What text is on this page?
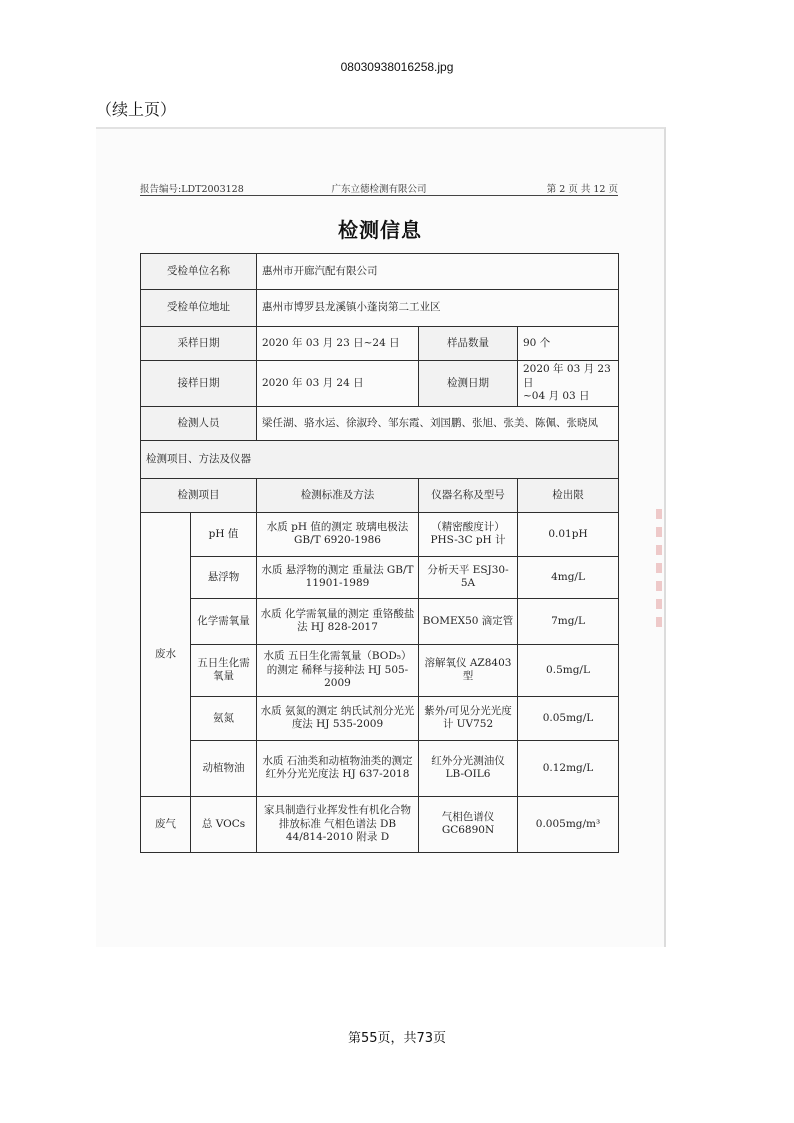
08030938016258.jpg
（续上页）
报告编号:LDT2003128	广东立德检测有限公司	第 2 页 共 12 页
检测信息
受检单位名称		惠州市开廊汽配有限公司		
受检单位地址		惠州市博罗县龙溪镇小蓬岗第二工业区		
采样日期		2020 年 03 月 23 日~24 日	样品数量	90 个
接样日期		2020 年 03 月 24 日	检测日期	2020 年 03 月 23 日
~04 月 03 日
检测人员		梁任湖、骆水运、徐淑玲、邹东霞、刘国鹏、张旭、张美、陈佩、张晓凤		
检测项目、方法及仪器				
检测项目		检测标准及方法	仪器名称及型号	检出限
废水	pH 值	水质 pH 值的测定 玻璃电极法 GB/T 6920-1986	（精密酸度计）PHS-3C pH 计	0.01pH
	悬浮物	水质 悬浮物的测定 重量法 GB/T 11901-1989	分析天平 ESJ30-5A	4mg/L
	化学需氧量	水质 化学需氧量的测定 重铬酸盐法 HJ 828-2017	BOMEX50 滴定管	7mg/L
	五日生化需氧量	水质 五日生化需氧量（BOD₅）的测定 稀释与接种法 HJ 505-2009	溶解氧仪 AZ8403 型	0.5mg/L
	氨氮	水质 氨氮的测定 纳氏试剂分光光度法 HJ 535-2009	紫外/可见分光光度计 UV752	0.05mg/L
	动植物油	水质 石油类和动植物油类的测定 红外分光光度法 HJ 637-2018	红外分光测油仪 LB-OIL6	0.12mg/L
废气	总 VOCs	家具制造行业挥发性有机化合物排放标准 气相色谱法 DB 44/814-2010 附录 D	气相色谱仪 GC6890N	0.005mg/m³
第55页，共73页
